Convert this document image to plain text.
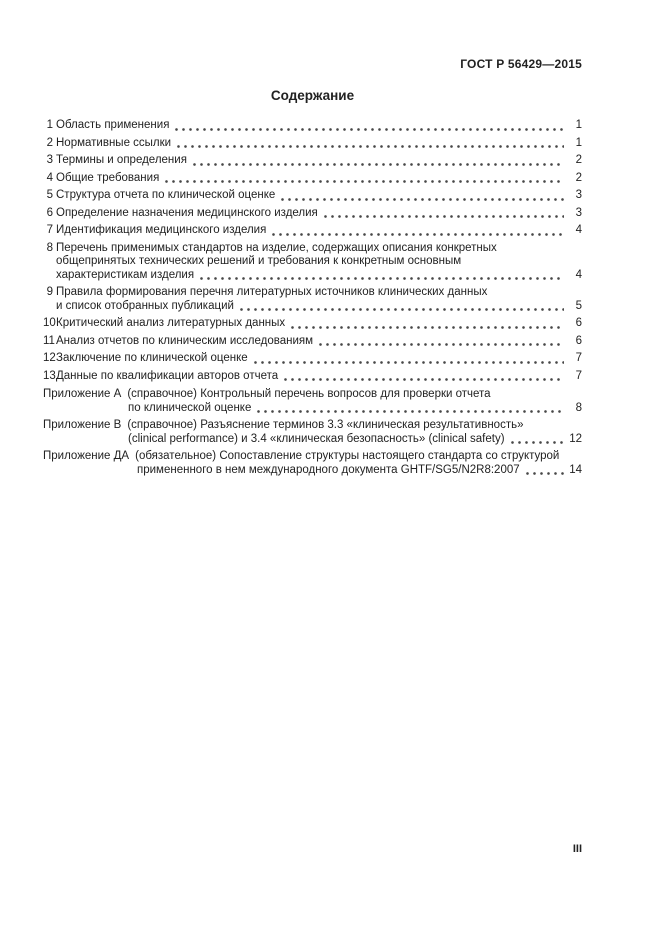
ГОСТ Р 56429—2015
Содержание
1 Область применения	1
2 Нормативные ссылки	1
3 Термины и определения	2
4 Общие требования	2
5 Структура отчета по клинической оценке	3
6 Определение назначения медицинского изделия	3
7 Идентификация медицинского изделия	4
8 Перечень применимых стандартов на изделие, содержащих описания конкретных
общепринятых технических решений и требования к конкретным основным
характеристикам изделия	4
9 Правила формирования перечня литературных источников клинических данных
и список отобранных публикаций	5
10 Критический анализ литературных данных	6
11 Анализ отчетов по клиническим исследованиям	6
12 Заключение по клинической оценке	7
13 Данные по квалификации авторов отчета	7
Приложение А (справочное) Контрольный перечень вопросов для проверки отчета
по клинической оценке	8
Приложение В (справочное) Разъяснение терминов 3.3 «клиническая результативность»
(clinical performance) и 3.4 «клиническая безопасность» (clinical safety)	12
Приложение ДА (обязательное) Сопоставление структуры настоящего стандарта со структурой
примененного в нем международного документа GHTF/SG5/N2R8:2007	14
III
